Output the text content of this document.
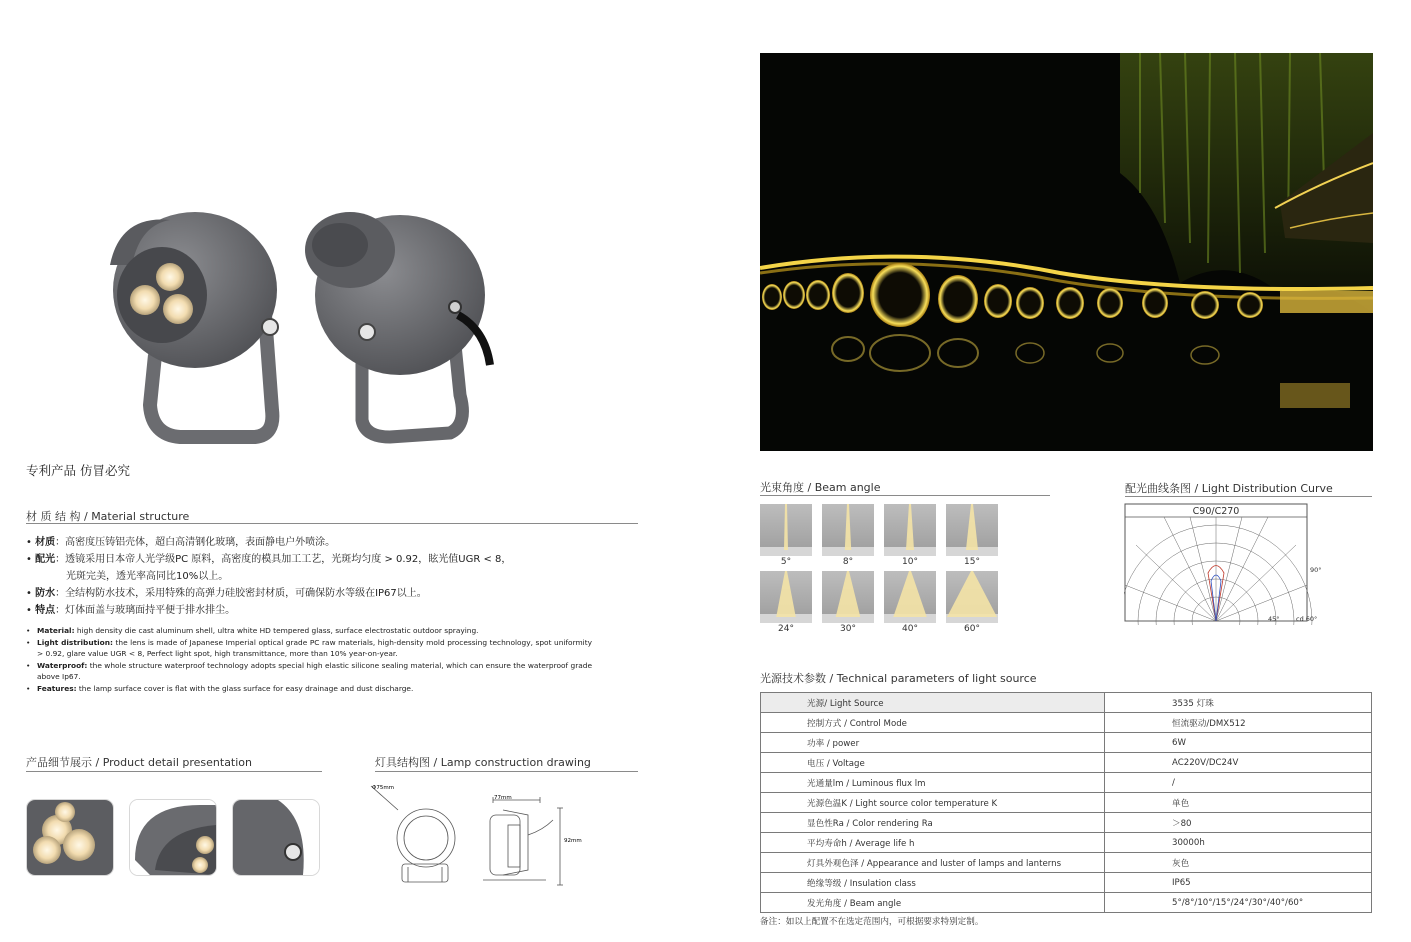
专利产品 仿冒必究
材 质 结 构 / Material structure
• 材质：高密度压铸铝壳体，超白高清钢化玻璃，表面静电户外喷涂。
• 配光：透镜采用日本帝人光学级PC 原料，高密度的模具加工工艺，光斑均匀度 > 0.92，眩光值UGR < 8，
光斑完美，透光率高同比10%以上。
• 防水：全结构防水技术，采用特殊的高弹力硅胶密封材质，可确保防水等级在IP67以上。
• 特点：灯体面盖与玻璃面持平便于排水排尘。
• Material: high density die cast aluminum shell, ultra white HD tempered glass, surface electrostatic outdoor spraying.
• Light distribution: the lens is made of Japanese Imperial optical grade PC raw materials, high-density mold processing technology, spot uniformity > 0.92, glare value UGR < 8, Perfect light spot, high transmittance, more than 10% year-on-year.
• Waterproof: the whole structure waterproof technology adopts special high elastic silicone sealing material, which can ensure the waterproof grade above Ip67.
• Features: the lamp surface cover is flat with the glass surface for easy drainage and dust discharge.
产品细节展示 / Product detail presentation	灯具结构图 / Lamp construction drawing
Φ75mm
77mm
92mm
光束角度 / Beam angle
5°	8°	10°	15°
24°	30°	40°	60°
配光曲线条图 / Light Distribution Curve
C90/C270
90°
45°	cd 60°
光源技术参数 / Technical parameters of light source
光源/ Light Source	3535 灯珠
控制方式 / Control Mode	恒流驱动/DMX512
功率 / power	6W
电压 / Voltage	AC220V/DC24V
光通量lm / Luminous flux lm	/
光源色温K / Light source color temperature K	单色
显色性Ra / Color rendering Ra	＞80
平均寿命h / Average life h	30000h
灯具外观色泽 / Appearance and luster of lamps and lanterns	灰色
绝缘等级 / Insulation class	IP65
发光角度 / Beam angle	5°/8°/10°/15°/24°/30°/40°/60°
备注：如以上配置不在选定范围内，可根据要求特别定制。
